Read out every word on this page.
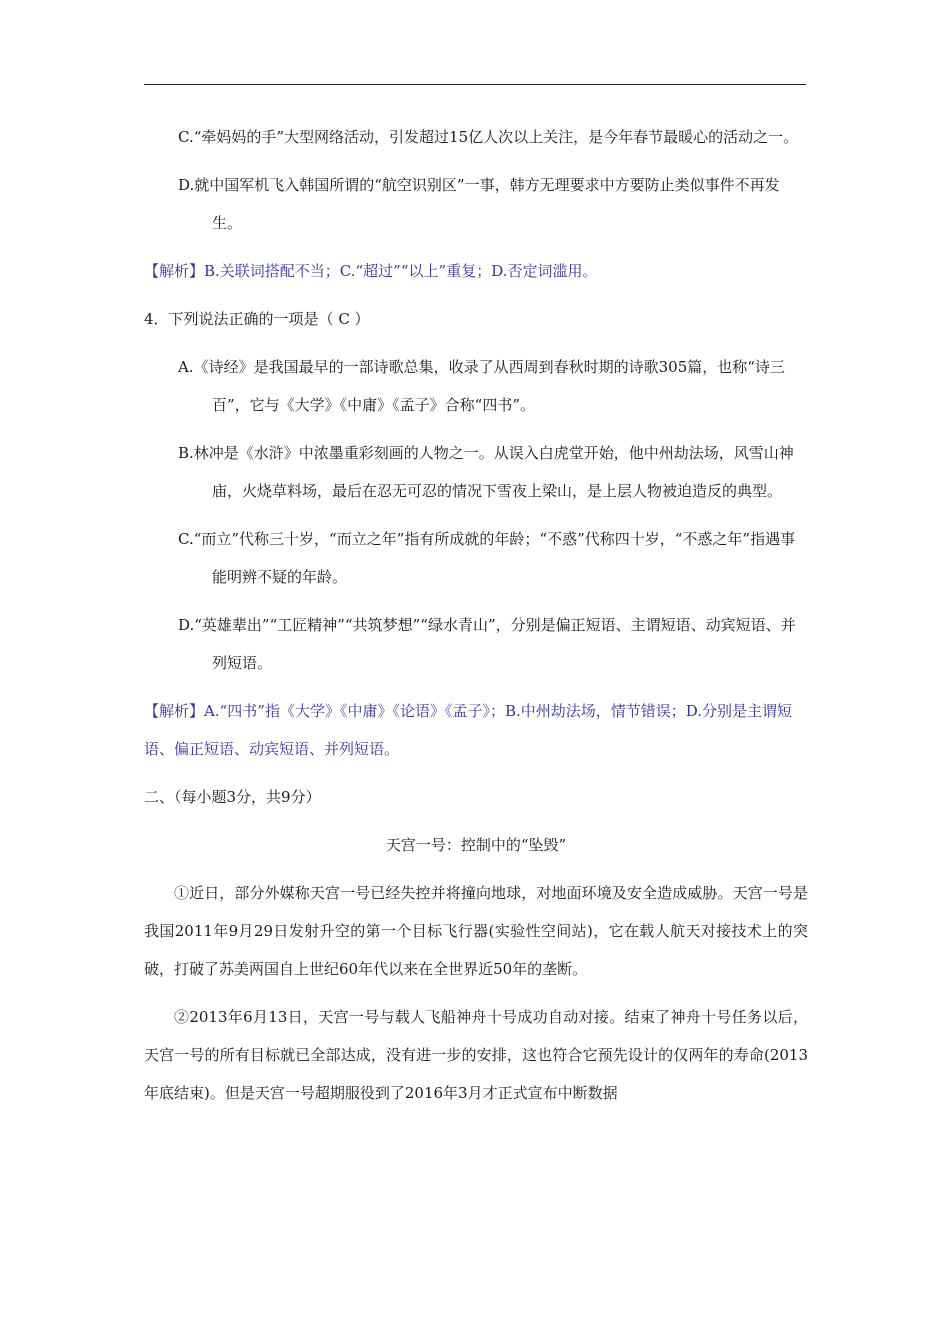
C.“牵妈妈的手”大型网络活动，引发超过15亿人次以上关注，是今年春节最暖心的活动之一。

D.就中国军机飞入韩国所谓的“航空识别区”一事，韩方无理要求中方要防止类似事件不再发生。

【解析】B.关联词搭配不当；C.“超过”“以上”重复；D.否定词滥用。

4．下列说法正确的一项是（ C ）

A.《诗经》是我国最早的一部诗歌总集，收录了从西周到春秋时期的诗歌305篇，也称“诗三百”，它与《大学》《中庸》《孟子》合称“四书”。

B.林冲是《水浒》中浓墨重彩刻画的人物之一。从误入白虎堂开始，他中州劫法场，风雪山神庙，火烧草料场，最后在忍无可忍的情况下雪夜上梁山，是上层人物被迫造反的典型。

C.“而立”代称三十岁，“而立之年”指有所成就的年龄；“不惑”代称四十岁，“不惑之年”指遇事能明辨不疑的年龄。

D.“英雄辈出”“工匠精神”“共筑梦想”“绿水青山”，分别是偏正短语、主谓短语、动宾短语、并列短语。

【解析】A.“四书”指《大学》《中庸》《论语》《孟子》；B.中州劫法场，情节错误；D.分别是主谓短语、偏正短语、动宾短语、并列短语。

二、（每小题3分，共9分）

天宫一号：控制中的“坠毁”

①近日，部分外媒称天宫一号已经失控并将撞向地球，对地面环境及安全造成威胁。天宫一号是我国2011年9月29日发射升空的第一个目标飞行器(实验性空间站)，它在载人航天对接技术上的突破，打破了苏美两国自上世纪60年代以来在全世界近50年的垄断。

②2013年6月13日，天宫一号与载人飞船神舟十号成功自动对接。结束了神舟十号任务以后，天宫一号的所有目标就已全部达成，没有进一步的安排，这也符合它预先设计的仅两年的寿命(2013年底结束)。但是天宫一号超期服役到了2016年3月才正式宣布中断数据
